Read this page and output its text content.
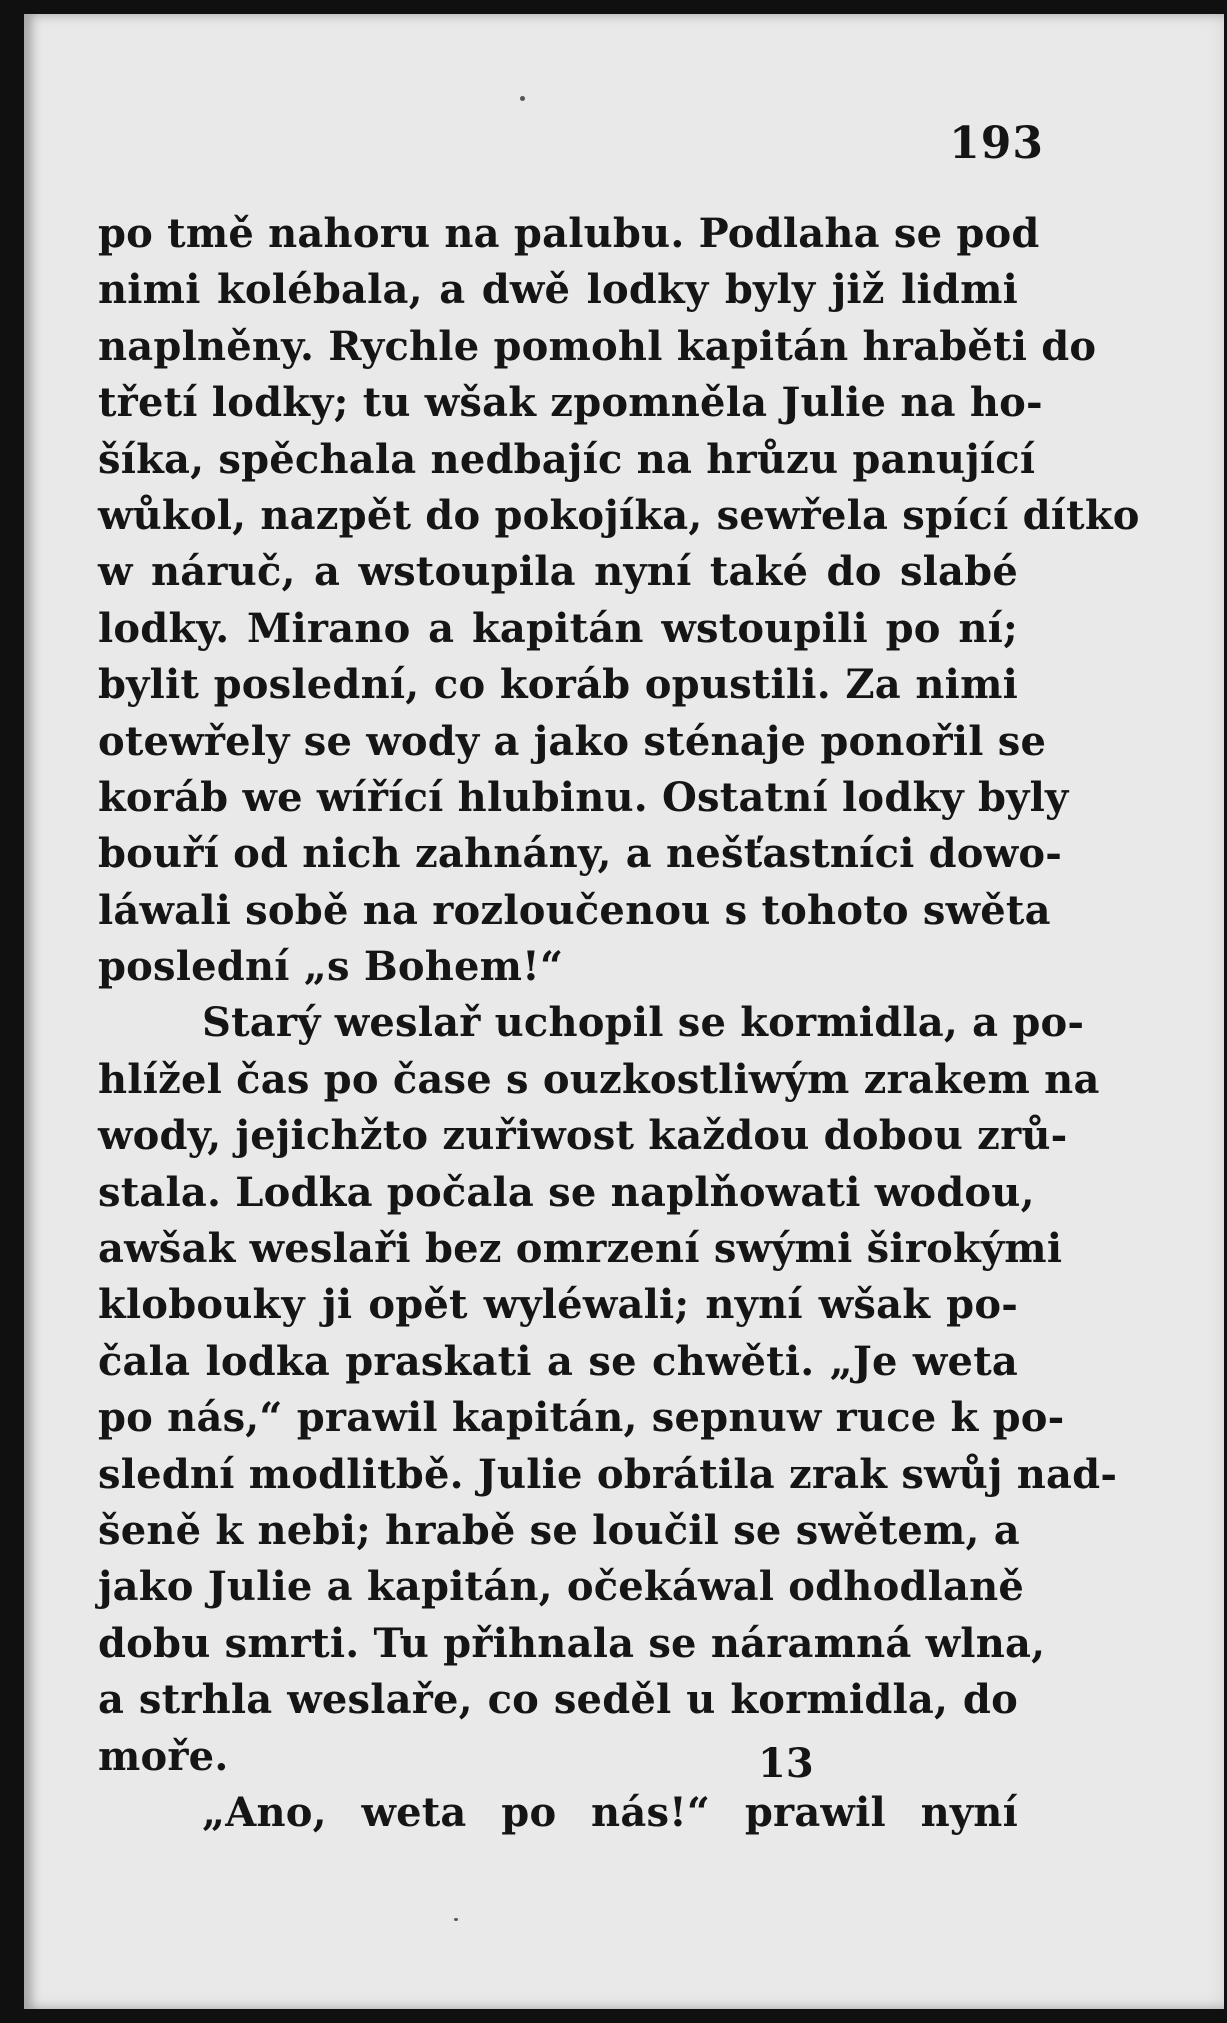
193
po tmě nahoru na palubu. Podlaha se pod
nimi kolébala, a dwě lodky byly již lidmi
naplněny. Rychle pomohl kapitán hraběti do
třetí lodky; tu wšak zpomněla Julie na ho-
šíka, spěchala nedbajíc na hrůzu panující
wůkol, nazpět do pokojíka, sewřela spící dítko
w náruč, a wstoupila nyní také do slabé
lodky. Mirano a kapitán wstoupili po ní;
bylit poslední, co koráb opustili. Za nimi
otewřely se wody a jako sténaje ponořil se
koráb we wířící hlubinu. Ostatní lodky byly
bouří od nich zahnány, a nešťastníci dowo-
láwali sobě na rozloučenou s tohoto swěta
poslední „s Bohem!“
Starý weslař uchopil se kormidla, a po-
hlížel čas po čase s ouzkostliwým zrakem na
wody, jejichžto zuřiwost každou dobou zrů-
stala. Lodka počala se naplňowati wodou,
awšak weslaři bez omrzení swými širokými
kloboukу ji opět wyléwali; nyní wšak po-
čala lodka praskati a se chwěti. „Je weta
po nás,“ prawil kapitán, sepnuw ruce k po-
slední modlitbě. Julie obrátila zrak swůj nad-
šeně k nebi; hrabě se loučil se swětem, a
jako Julie a kapitán, očekáwal odhodlaně
dobu smrti. Tu přihnala se náramná wlna,
a strhla weslaře, co seděl u kormidla, do
moře.
„Ano, weta po nás!“ prawil nyní
13
